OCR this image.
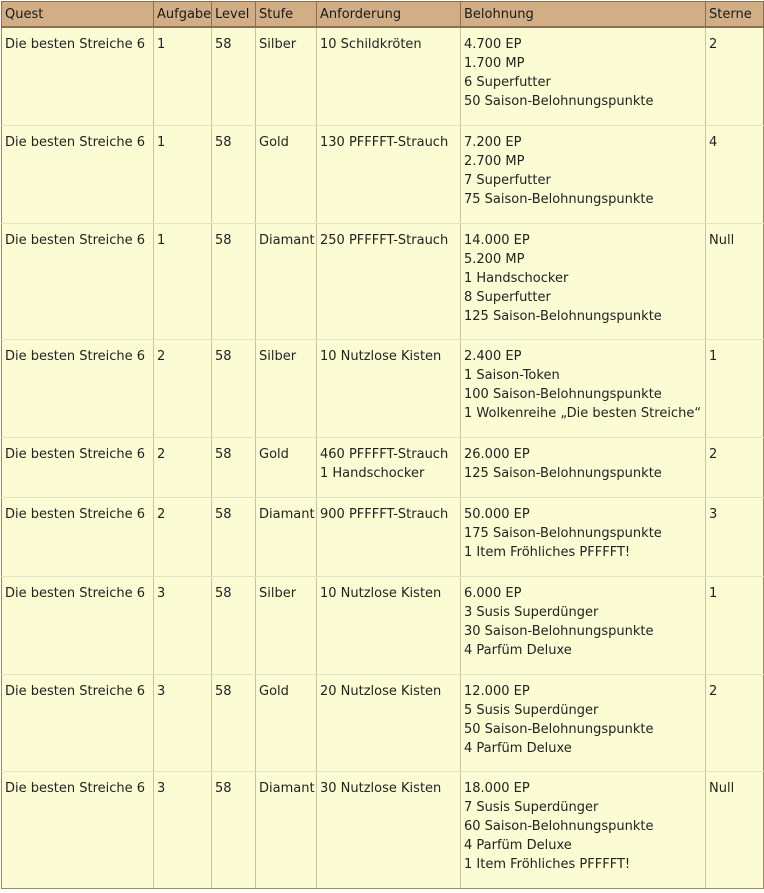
Quest	Aufgabe	Level	Stufe	Anforderung	Belohnung	Sterne
Die besten Streiche 6	1	58	Silber	10 Schildkröten	4.700 EP
1.700 MP
6 Superfutter
50 Saison-Belohnungspunkte	2
Die besten Streiche 6	1	58	Gold	130 PFFFFT-Strauch	7.200 EP
2.700 MP
7 Superfutter
75 Saison-Belohnungspunkte	4
Die besten Streiche 6	1	58	Diamant	250 PFFFFT-Strauch	14.000 EP
5.200 MP
1 Handschocker
8 Superfutter
125 Saison-Belohnungspunkte	Null
Die besten Streiche 6	2	58	Silber	10 Nutzlose Kisten	2.400 EP
1 Saison-Token
100 Saison-Belohnungspunkte
1 Wolkenreihe „Die besten Streiche“	1
Die besten Streiche 6	2	58	Gold	460 PFFFFT-Strauch
1 Handschocker	26.000 EP
125 Saison-Belohnungspunkte	2
Die besten Streiche 6	2	58	Diamant	900 PFFFFT-Strauch	50.000 EP
175 Saison-Belohnungspunkte
1 Item Fröhliches PFFFFT!	3
Die besten Streiche 6	3	58	Silber	10 Nutzlose Kisten	6.000 EP
3 Susis Superdünger
30 Saison-Belohnungspunkte
4 Parfüm Deluxe	1
Die besten Streiche 6	3	58	Gold	20 Nutzlose Kisten	12.000 EP
5 Susis Superdünger
50 Saison-Belohnungspunkte
4 Parfüm Deluxe	2
Die besten Streiche 6	3	58	Diamant	30 Nutzlose Kisten	18.000 EP
7 Susis Superdünger
60 Saison-Belohnungspunkte
4 Parfüm Deluxe
1 Item Fröhliches PFFFFT!	Null
